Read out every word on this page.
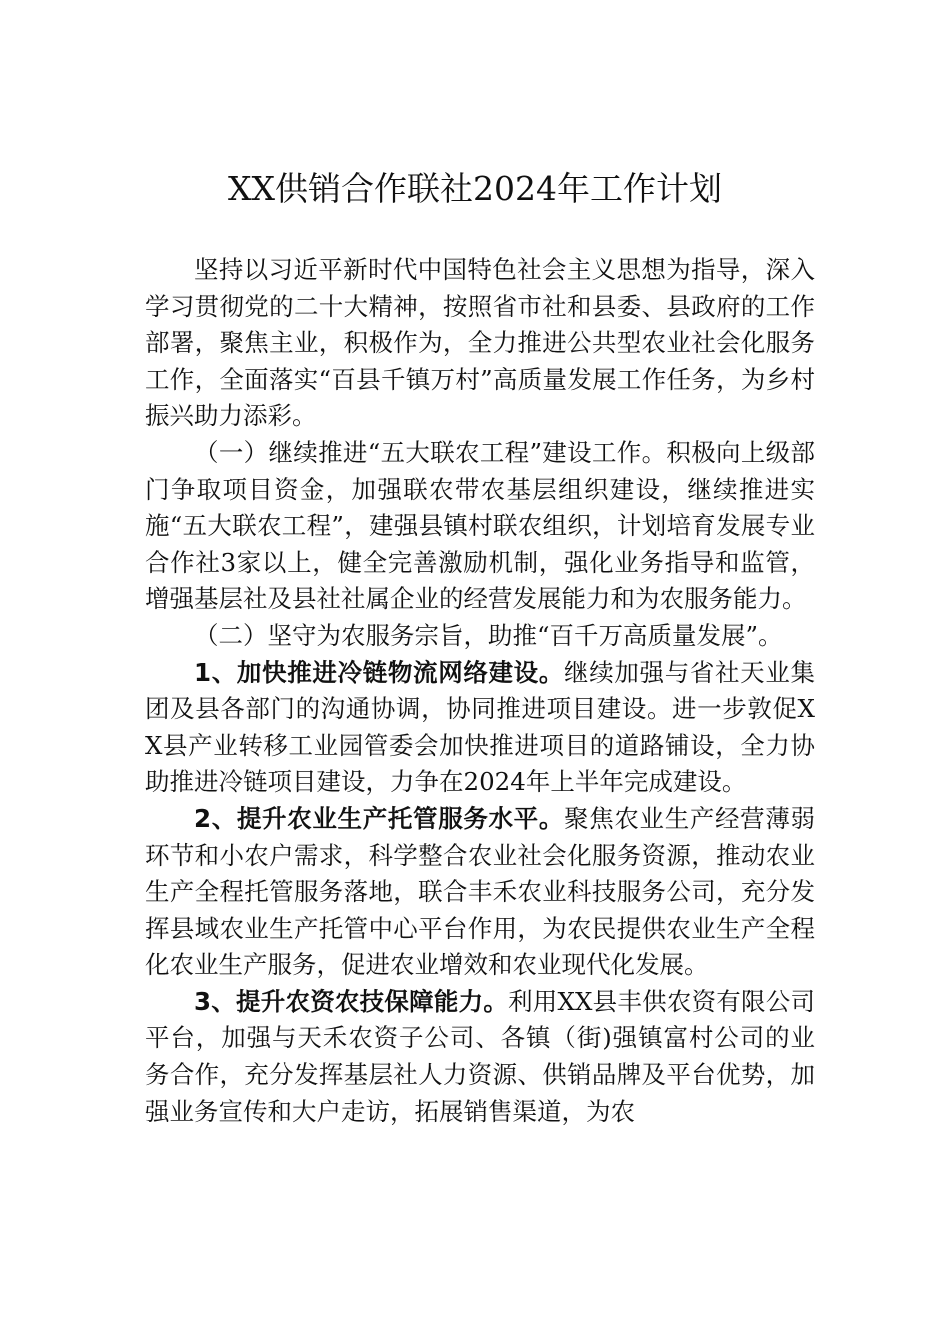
XX供销合作联社2024年工作计划

坚持以习近平新时代中国特色社会主义思想为指导，深入学习贯彻党的二十大精神，按照省市社和县委、县政府的工作部署，聚焦主业，积极作为，全力推进公共型农业社会化服务工作，全面落实“百县千镇万村”高质量发展工作任务，为乡村振兴助力添彩。

（一）继续推进“五大联农工程”建设工作。积极向上级部门争取项目资金，加强联农带农基层组织建设，继续推进实施“五大联农工程”，建强县镇村联农组织，计划培育发展专业合作社3家以上，健全完善激励机制，强化业务指导和监管，增强基层社及县社社属企业的经营发展能力和为农服务能力。

（二）坚守为农服务宗旨，助推“百千万高质量发展”。

1、加快推进冷链物流网络建设。继续加强与省社天业集团及县各部门的沟通协调，协同推进项目建设。进一步敦促XX县产业转移工业园管委会加快推进项目的道路铺设，全力协助推进冷链项目建设，力争在2024年上半年完成建设。

2、提升农业生产托管服务水平。聚焦农业生产经营薄弱环节和小农户需求，科学整合农业社会化服务资源，推动农业生产全程托管服务落地，联合丰禾农业科技服务公司，充分发挥县域农业生产托管中心平台作用，为农民提供农业生产全程化农业生产服务，促进农业增效和农业现代化发展。

3、提升农资农技保障能力。利用XX县丰供农资有限公司平台，加强与天禾农资子公司、各镇（街)强镇富村公司的业务合作，充分发挥基层社人力资源、供销品牌及平台优势，加强业务宣传和大户走访，拓展销售渠道，为农
